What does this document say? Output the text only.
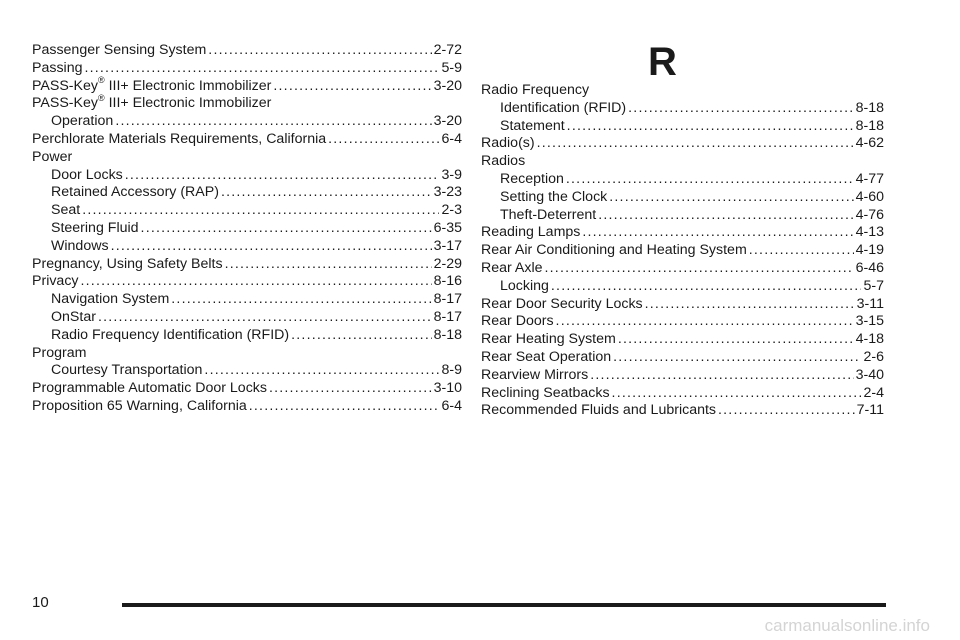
Passenger Sensing System .....	2-72
Passing .....	5-9
PASS-Key® III+ Electronic Immobilizer .....	3-20
PASS-Key® III+ Electronic Immobilizer
Operation .....	3-20
Perchlorate Materials Requirements, California .....	6-4
Power
Door Locks .....	3-9
Retained Accessory (RAP) .....	3-23
Seat .....	2-3
Steering Fluid .....	6-35
Windows .....	3-17
Pregnancy, Using Safety Belts .....	2-29
Privacy .....	8-16
Navigation System .....	8-17
OnStar .....	8-17
Radio Frequency Identification (RFID) .....	8-18
Program
Courtesy Transportation .....	8-9
Programmable Automatic Door Locks .....	3-10
Proposition 65 Warning, California .....	6-4
R
Radio Frequency
Identification (RFID) .....	8-18
Statement .....	8-18
Radio(s) .....	4-62
Radios
Reception .....	4-77
Setting the Clock .....	4-60
Theft-Deterrent .....	4-76
Reading Lamps .....	4-13
Rear Air Conditioning and Heating System .....	4-19
Rear Axle .....	6-46
Locking .....	5-7
Rear Door Security Locks .....	3-11
Rear Doors .....	3-15
Rear Heating System .....	4-18
Rear Seat Operation .....	2-6
Rearview Mirrors .....	3-40
Reclining Seatbacks .....	2-4
Recommended Fluids and Lubricants .....	7-11
10
carmanualsonline.info
